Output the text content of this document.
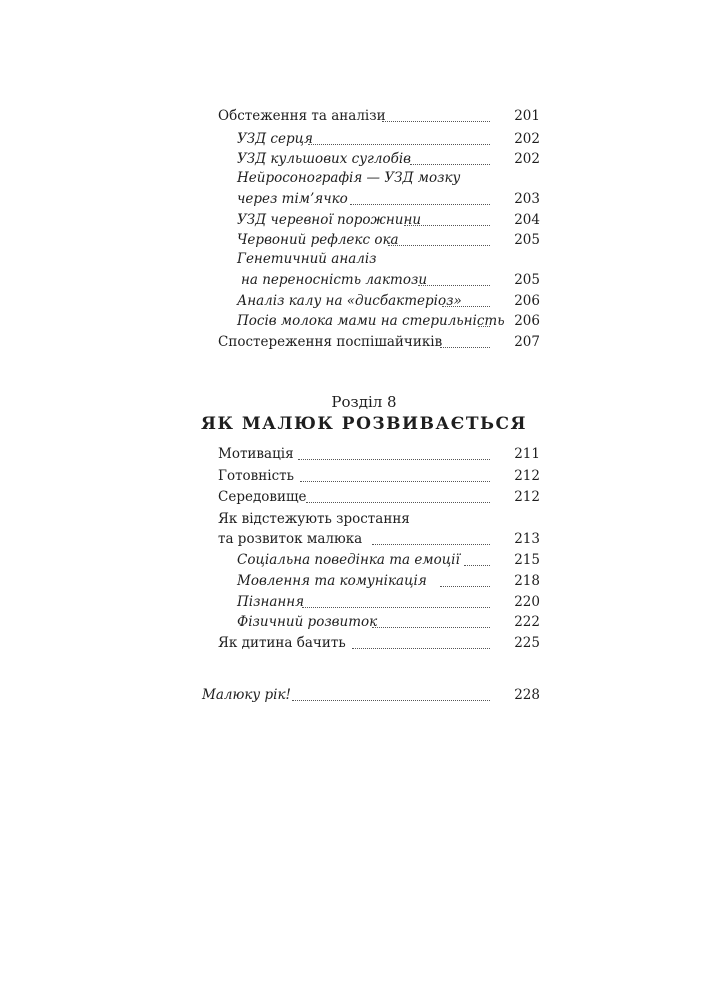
Обстеження та аналізи	201
УЗД серця	202
УЗД кульшових суглобів	202
Нейросонографія — УЗД мозку
через тім’ячко	203
УЗД черевної порожнини	204
Червоний рефлекс ока	205
Генетичний аналіз
на переносність лактози	205
Аналіз калу на «дисбактеріоз»	206
Посів молока мами на стерильність 206
Спостереження поспішайчиків	207
Розділ 8
ЯК МАЛЮК РОЗВИВАЄТЬСЯ
Мотивація	211
Готовність	212
Середовище	212
Як відстежують зростання
та розвиток малюка	213
Соціальна поведінка та емоції	215
Мовлення та комунікація	218
Пізнання	220
Фізичний розвиток	222
Як дитина бачить	225
Малюку рік!	228
